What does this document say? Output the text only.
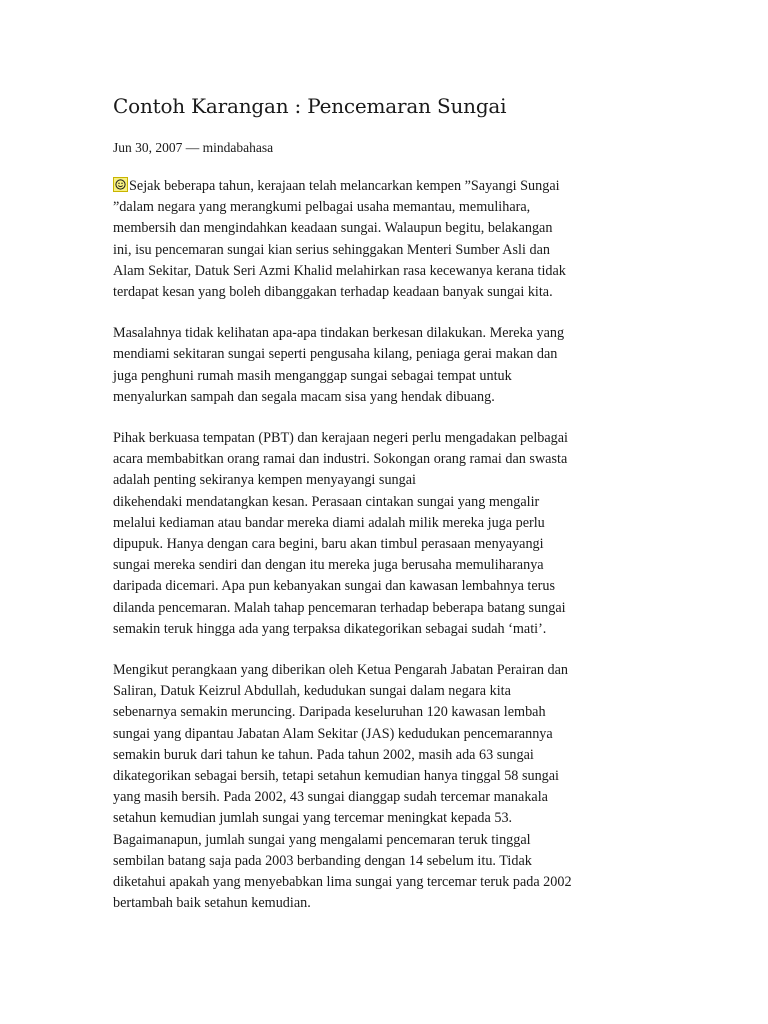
Contoh Karangan : Pencemaran Sungai
Jun 30, 2007 — mindabahasa

Sejak beberapa tahun, kerajaan telah melancarkan kempen ”Sayangi Sungai
”dalam negara yang merangkumi pelbagai usaha memantau, memulihara,
membersih dan mengindahkan keadaan sungai. Walaupun begitu, belakangan
ini, isu pencemaran sungai kian serius sehinggakan Menteri Sumber Asli dan
Alam Sekitar, Datuk Seri Azmi Khalid melahirkan rasa kecewanya kerana tidak
terdapat kesan yang boleh dibanggakan terhadap keadaan banyak sungai kita.

Masalahnya tidak kelihatan apa-apa tindakan berkesan dilakukan. Mereka yang
mendiami sekitaran sungai seperti pengusaha kilang, peniaga gerai makan dan
juga penghuni rumah masih menganggap sungai sebagai tempat untuk
menyalurkan sampah dan segala macam sisa yang hendak dibuang.

Pihak berkuasa tempatan (PBT) dan kerajaan negeri perlu mengadakan pelbagai
acara membabitkan orang ramai dan industri. Sokongan orang ramai dan swasta
adalah penting sekiranya kempen menyayangi sungai
dikehendaki mendatangkan kesan. Perasaan cintakan sungai yang mengalir
melalui kediaman atau bandar mereka diami adalah milik mereka juga perlu
dipupuk. Hanya dengan cara begini, baru akan timbul perasaan menyayangi
sungai mereka sendiri dan dengan itu mereka juga berusaha memuliharanya
daripada dicemari. Apa pun kebanyakan sungai dan kawasan lembahnya terus
dilanda pencemaran. Malah tahap pencemaran terhadap beberapa batang sungai
semakin teruk hingga ada yang terpaksa dikategorikan sebagai sudah ‘mati’.

Mengikut perangkaan yang diberikan oleh Ketua Pengarah Jabatan Perairan dan
Saliran, Datuk Keizrul Abdullah, kedudukan sungai dalam negara kita
sebenarnya semakin meruncing. Daripada keseluruhan 120 kawasan lembah
sungai yang dipantau Jabatan Alam Sekitar (JAS) kedudukan pencemarannya
semakin buruk dari tahun ke tahun. Pada tahun 2002, masih ada 63 sungai
dikategorikan sebagai bersih, tetapi setahun kemudian hanya tinggal 58 sungai
yang masih bersih. Pada 2002, 43 sungai dianggap sudah tercemar manakala
setahun kemudian jumlah sungai yang tercemar meningkat kepada 53.
Bagaimanapun, jumlah sungai yang mengalami pencemaran teruk tinggal
sembilan batang saja pada 2003 berbanding dengan 14 sebelum itu. Tidak
diketahui apakah yang menyebabkan lima sungai yang tercemar teruk pada 2002
bertambah baik setahun kemudian.
